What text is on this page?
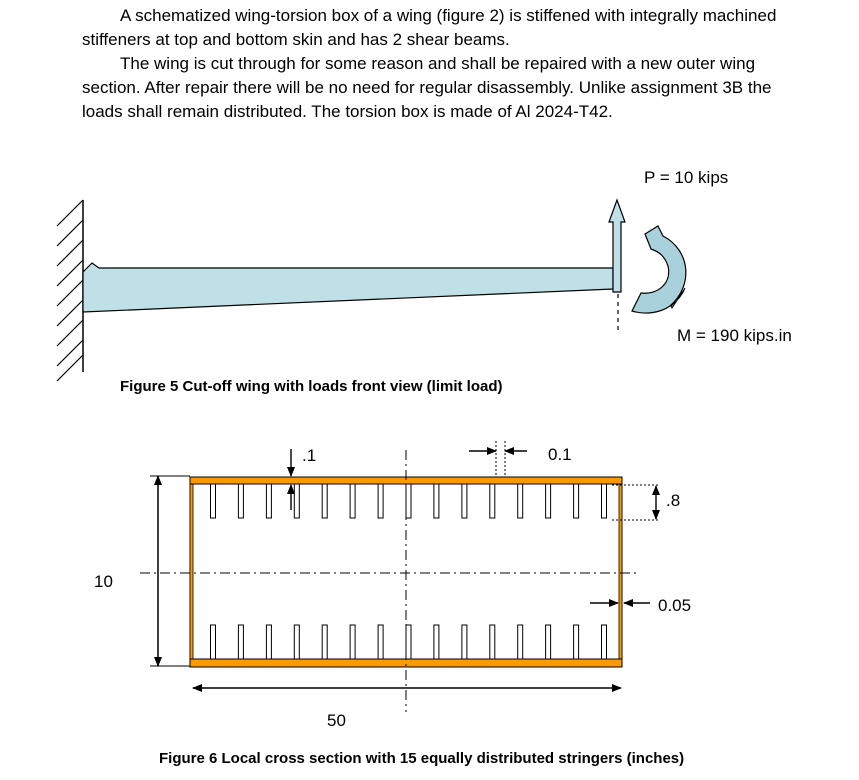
A schematized wing-torsion box of a wing (figure 2) is stiffened with integrally machined stiffeners at top and bottom skin and has 2 shear beams.

The wing is cut through for some reason and shall be repaired with a new outer wing section. After repair there will be no need for regular disassembly. Unlike assignment 3B the loads shall remain distributed. The torsion box is made of Al 2024-T42.

P = 10 kips
M = 190 kips.in
Figure 5 Cut-off wing with loads front view (limit load)
10
50
.1	0.1
.8
0.05
Figure 6 Local cross section with 15 equally distributed stringers (inches)
